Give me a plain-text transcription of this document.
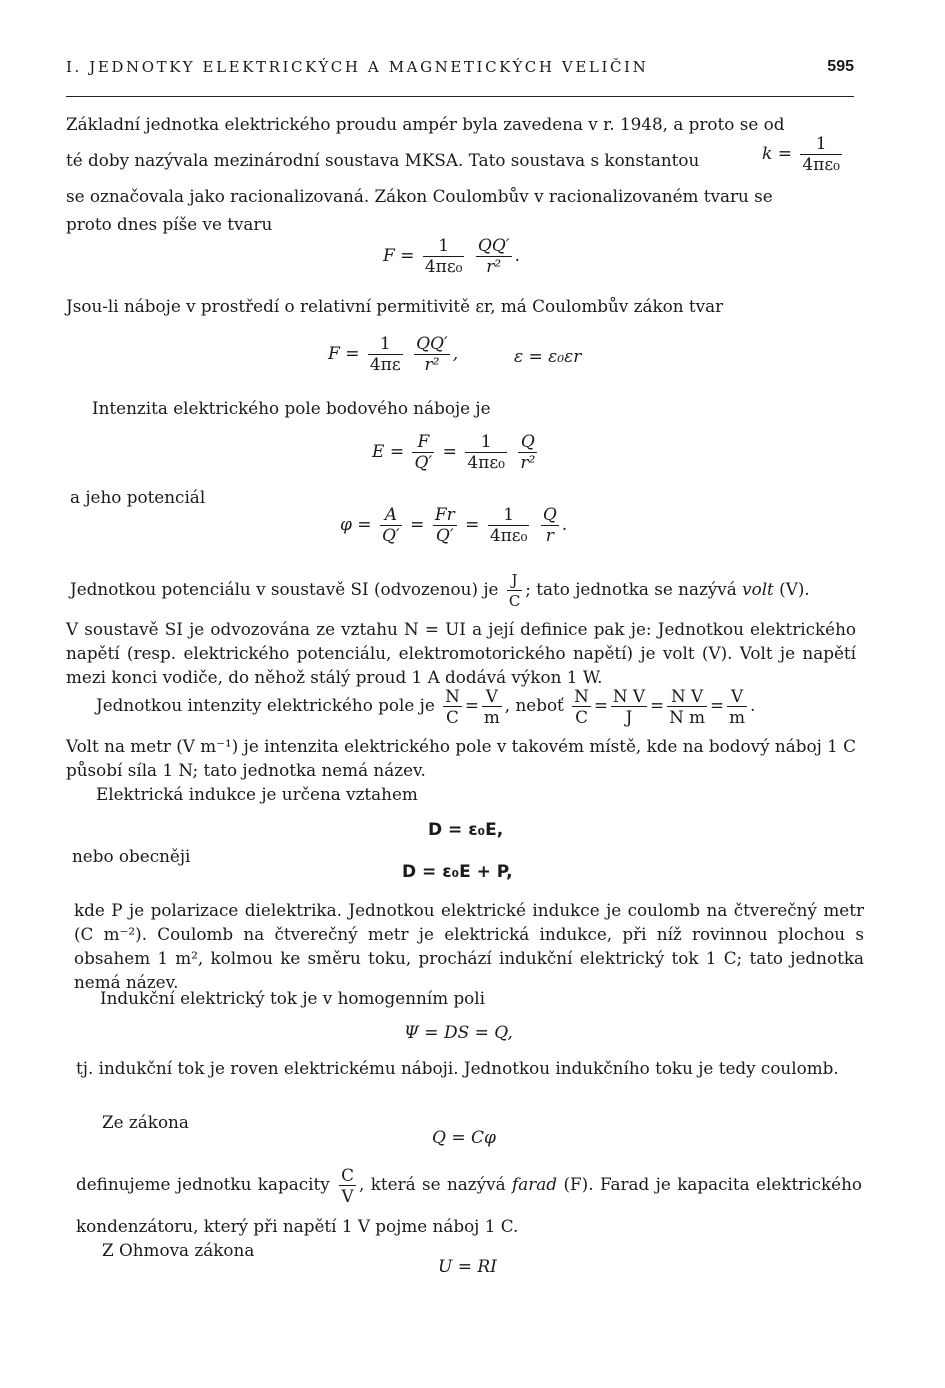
I. JEDNOTKY ELEKTRICKÝCH A MAGNETICKÝCH VELIČIN	595
Základní jednotka elektrického proudu ampér byla zavedena v r. 1948, a proto se od
té doby nazývala mezinárodní soustava MKSA. Tato soustava s konstantou	$k = \frac{1}{\text{4πε₀}}$
se označovala jako racionalizovaná. Zákon Coulombův v racionalizovaném tvaru se
proto dnes píše ve tvaru
$F = \frac{1}{\text{4πε₀}}$
$\frac{QQ'}{\text{r²}}$ .
Jsou-li náboje v prostředí o relativní permitivitě εr, má Coulombův zákon tvar
$F = \frac{1}{4\pi\varepsilon}$
$\frac{QQ'}{\text{r²}}$ ,	ε = ε₀εr
Intenzita elektrického pole bodového náboje je
$E = \frac{F}{Q'} = \frac{1}{\text{4πε₀}}$
$\frac{Q}{\text{r²}}$
a jeho potenciál
$\varphi = \frac{A}{Q'} = \frac{Fr}{Q'} = \frac{1}{\text{4πε₀}}$
$\frac{Q}{r}$ .
Jednotkou potenciálu v soustavě SI (odvozenou) je $\frac{J}{C}$ ; tato jednotka se nazývá volt (V).
V soustavě SI je odvozována ze vztahu N = UI a její definice pak je: Jednotkou elektrického napětí (resp. elektrického potenciálu, elektromotorického napětí) je volt (V). Volt je napětí mezi konci vodiče, do něhož stálý proud 1 A dodává výkon 1 W.
Jednotkou intenzity elektrického pole je $\frac{N}{C} = \frac{V}{m}$ , neboť $\frac{N}{C} = \frac{\text{N V}}{J} = \frac{\text{N V}}{\text{N m}} = \frac{V}{m}$ .
Volt na metr (V m⁻¹) je intenzita elektrického pole v takovém místě, kde na bodový náboj 1 C působí síla 1 N; tato jednotka nemá název.
Elektrická indukce je určena vztahem
D = ε₀E,
nebo obecněji
D = ε₀E + P,
kde P je polarizace dielektrika. Jednotkou elektrické indukce je coulomb na čtverečný metr (C m⁻²). Coulomb na čtverečný metr je elektrická indukce, při níž rovinnou plochou s obsahem 1 m², kolmou ke směru toku, prochází indukční elektrický tok 1 C; tato jednotka nemá název.
Indukční elektrický tok je v homogenním poli
Ψ = DS = Q,
tj. indukční tok je roven elektrickému náboji. Jednotkou indukčního toku je tedy coulomb.
Ze zákona
Q = Cφ
definujeme jednotku kapacity $\frac{C}{V}$ , která se nazývá farad (F). Farad je kapacita elektrického kondenzátoru, který při napětí 1 V pojme náboj 1 C.
Z Ohmova zákona
U = RI
